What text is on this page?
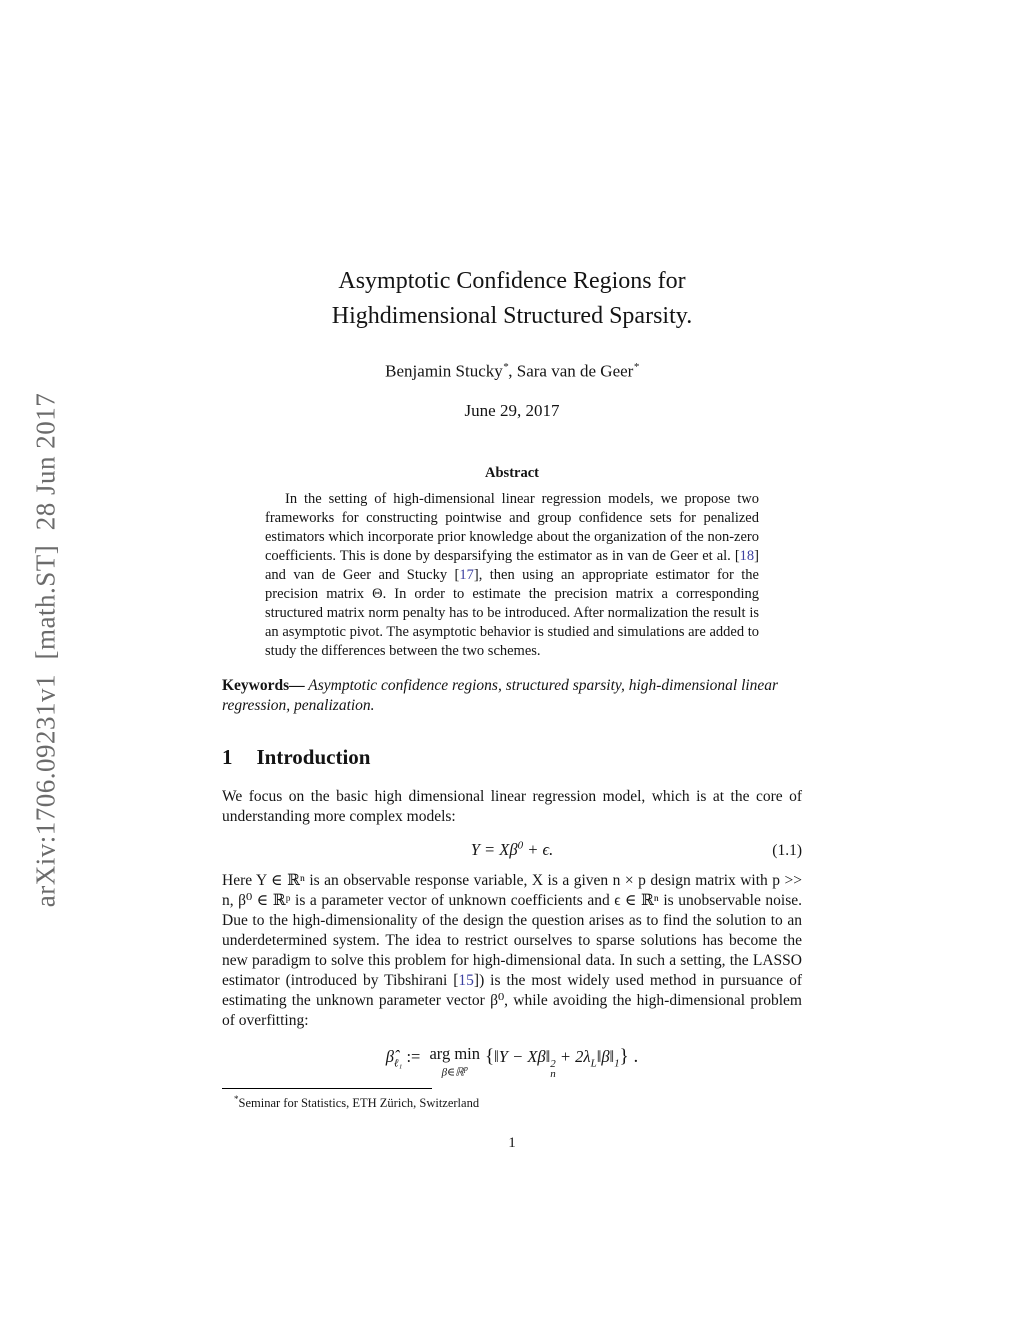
arXiv:1706.09231v1  [math.ST]  28 Jun 2017
Asymptotic Confidence Regions for
Highdimensional Structured Sparsity.
Benjamin Stucky*, Sara van de Geer*
June 29, 2017
Abstract
In the setting of high-dimensional linear regression models, we propose two frameworks for constructing pointwise and group confidence sets for penalized estimators which incorporate prior knowledge about the organization of the non-zero coefficients. This is done by desparsifying the estimator as in van de Geer et al. [18] and van de Geer and Stucky [17], then using an appropriate estimator for the precision matrix Θ. In order to estimate the precision matrix a corresponding structured matrix norm penalty has to be introduced. After normalization the result is an asymptotic pivot. The asymptotic behavior is studied and simulations are added to study the differences between the two schemes.
Keywords— Asymptotic confidence regions, structured sparsity, high-dimensional linear regression, penalization.
1 Introduction

We focus on the basic high dimensional linear regression model, which is at the core of understanding more complex models:

$Y = X\beta^0 + \epsilon$.	(1.1)

Here Y ∈ ℝⁿ is an observable response variable, X is a given n × p design matrix with p >> n, β⁰ ∈ ℝᵖ is a parameter vector of unknown coefficients and ϵ ∈ ℝⁿ is unobservable noise. Due to the high-dimensionality of the design the question arises as to find the solution to an underdetermined system. The idea to restrict ourselves to sparse solutions has become the new paradigm to solve this problem for high-dimensional data. In such a setting, the LASSO estimator (introduced by Tibshirani [15]) is the most widely used method in pursuance of estimating the unknown parameter vector β⁰, while avoiding the high-dimensional problem of overfitting:

$\betâ_{\ell_1}$ := arg min
β∈ℝ$^p$
{‖Y − Xβ‖ 2
n
+ $2\lambda_L‖\beta‖_1$} .
*Seminar for Statistics, ETH Zürich, Switzerland
1
